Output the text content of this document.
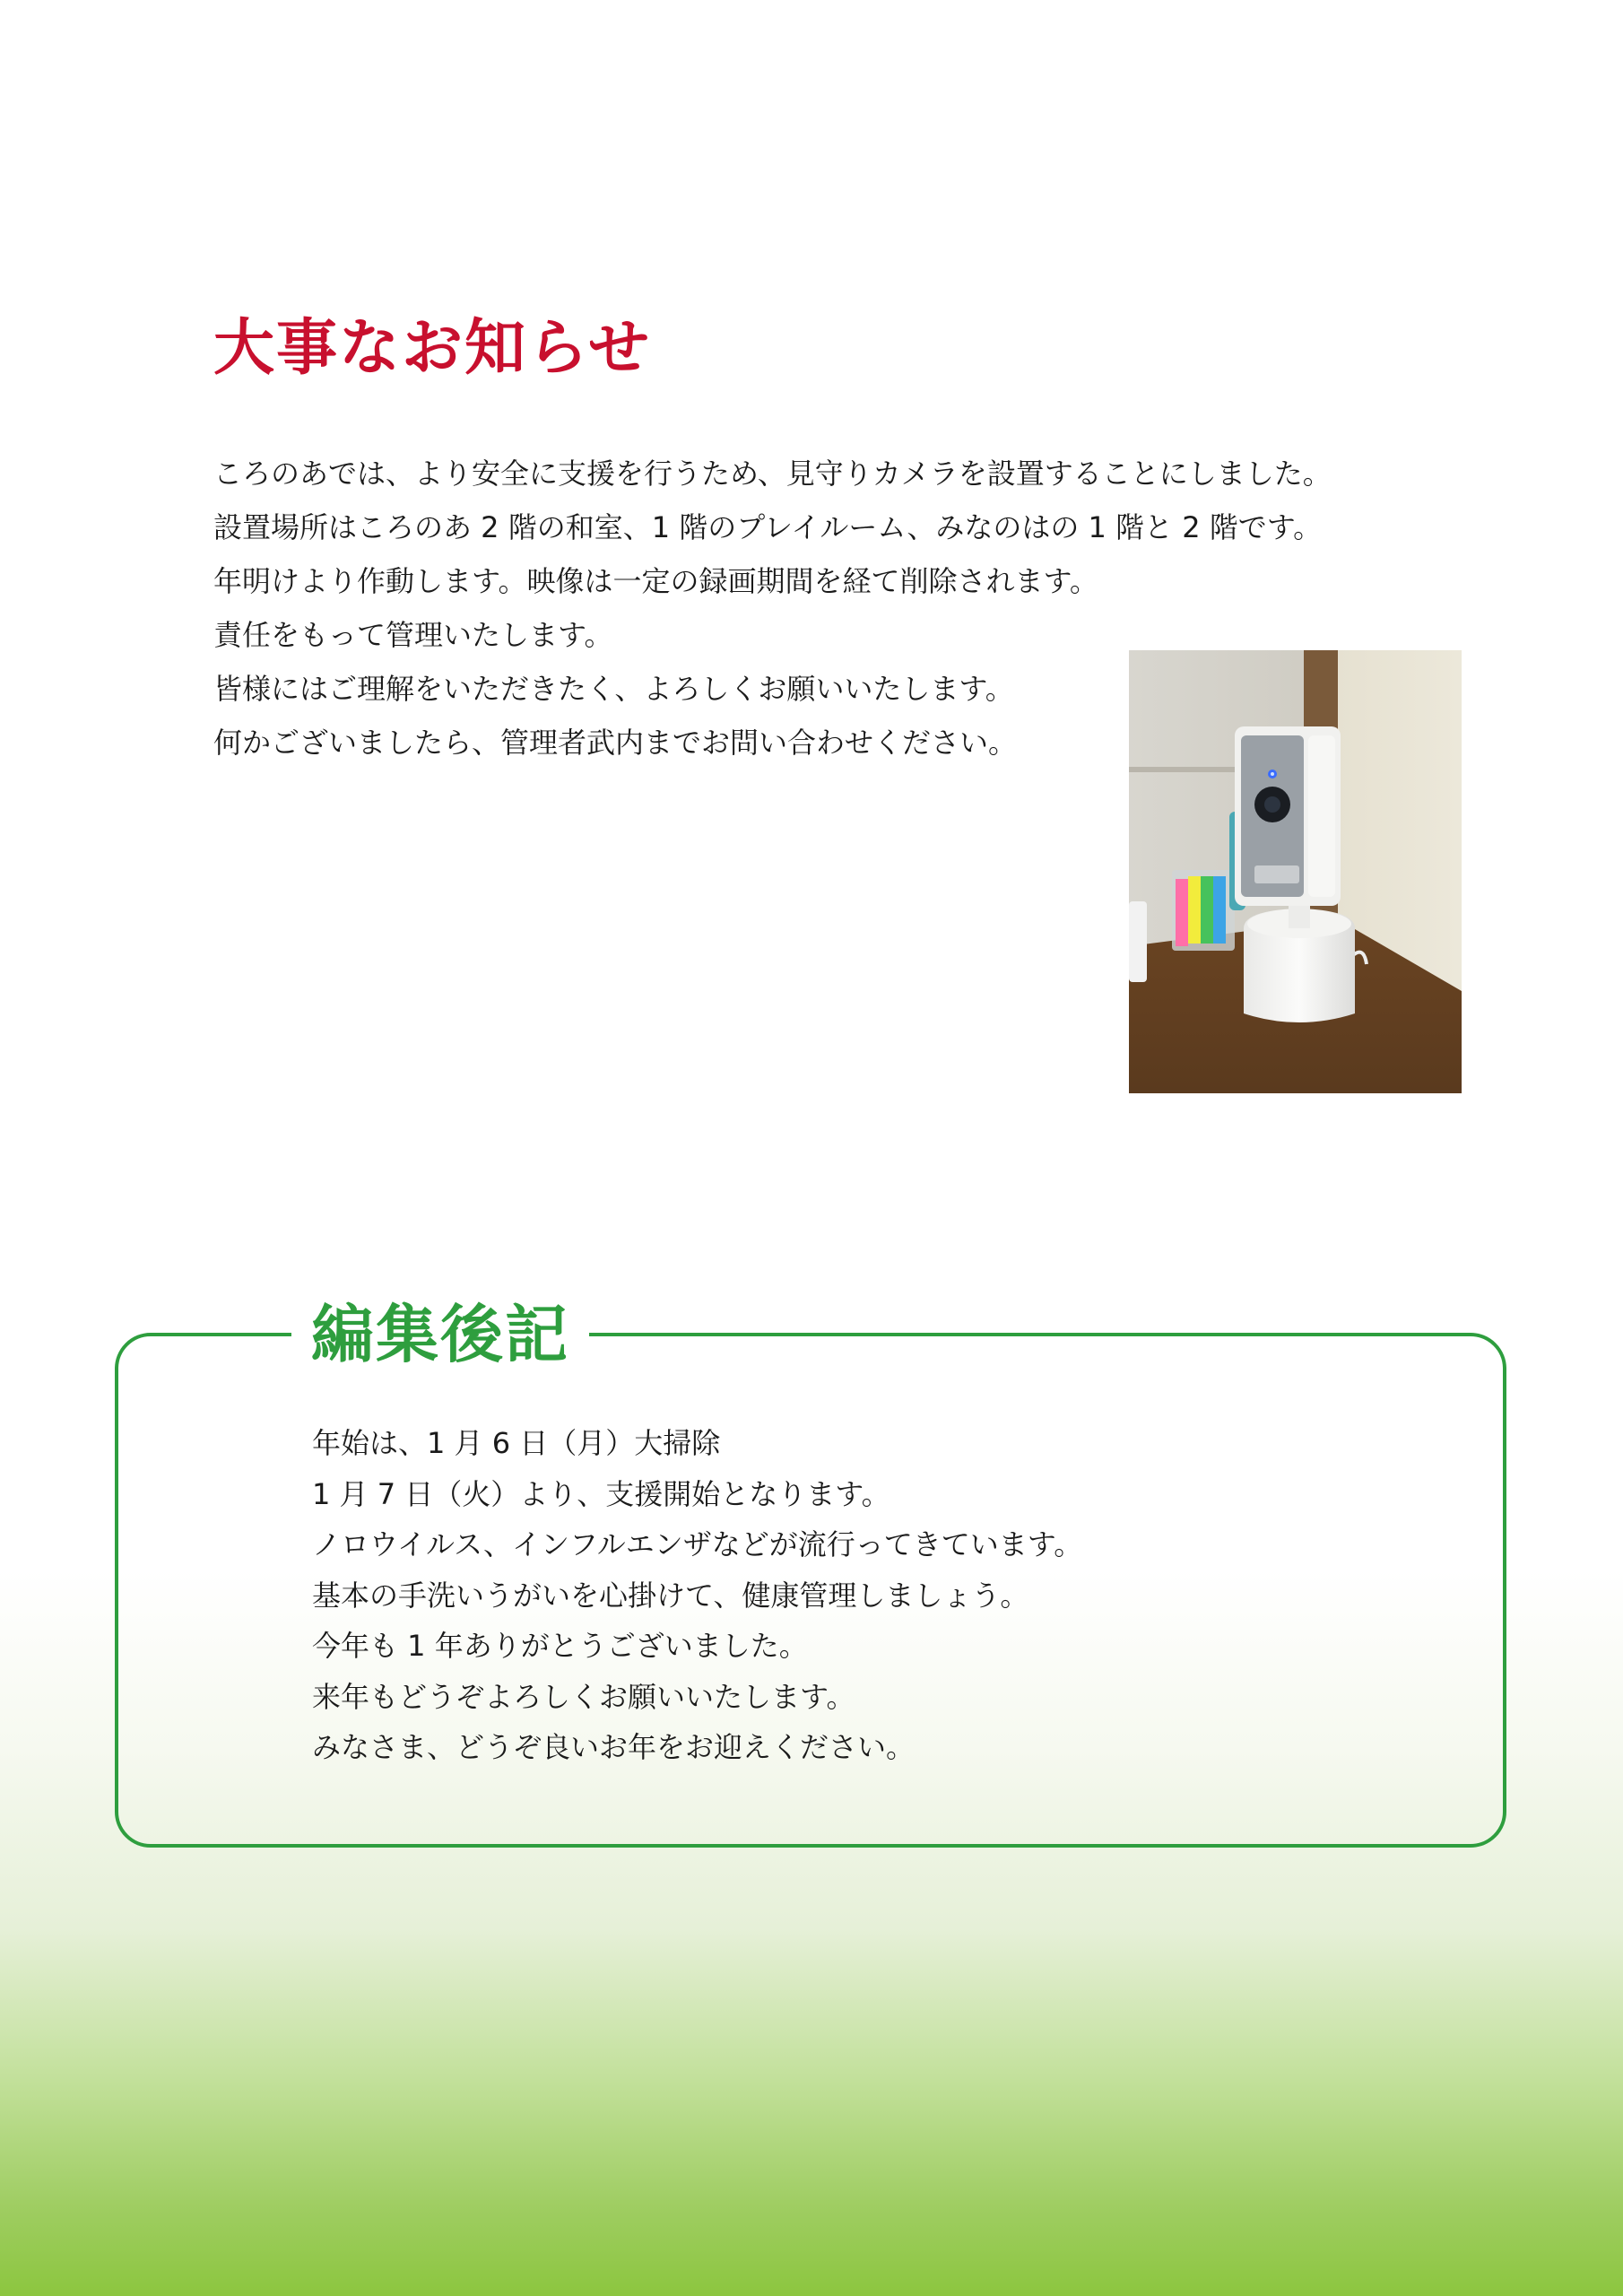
大事なお知らせ
ころのあでは、より安全に支援を行うため、見守りカメラを設置することにしました。
設置場所はころのあ 2 階の和室、1 階のプレイルーム、みなのはの 1 階と 2 階です。
年明けより作動します。映像は一定の録画期間を経て削除されます。
責任をもって管理いたします。
皆様にはご理解をいただきたく、よろしくお願いいたします。
何かございましたら、管理者武内までお問い合わせください。
編集後記
年始は、1 月 6 日（月）大掃除
1 月 7 日（火）より、支援開始となります。
ノロウイルス、インフルエンザなどが流行ってきています。
基本の手洗いうがいを心掛けて、健康管理しましょう。
今年も 1 年ありがとうございました。
来年もどうぞよろしくお願いいたします。
みなさま、どうぞ良いお年をお迎えください。
